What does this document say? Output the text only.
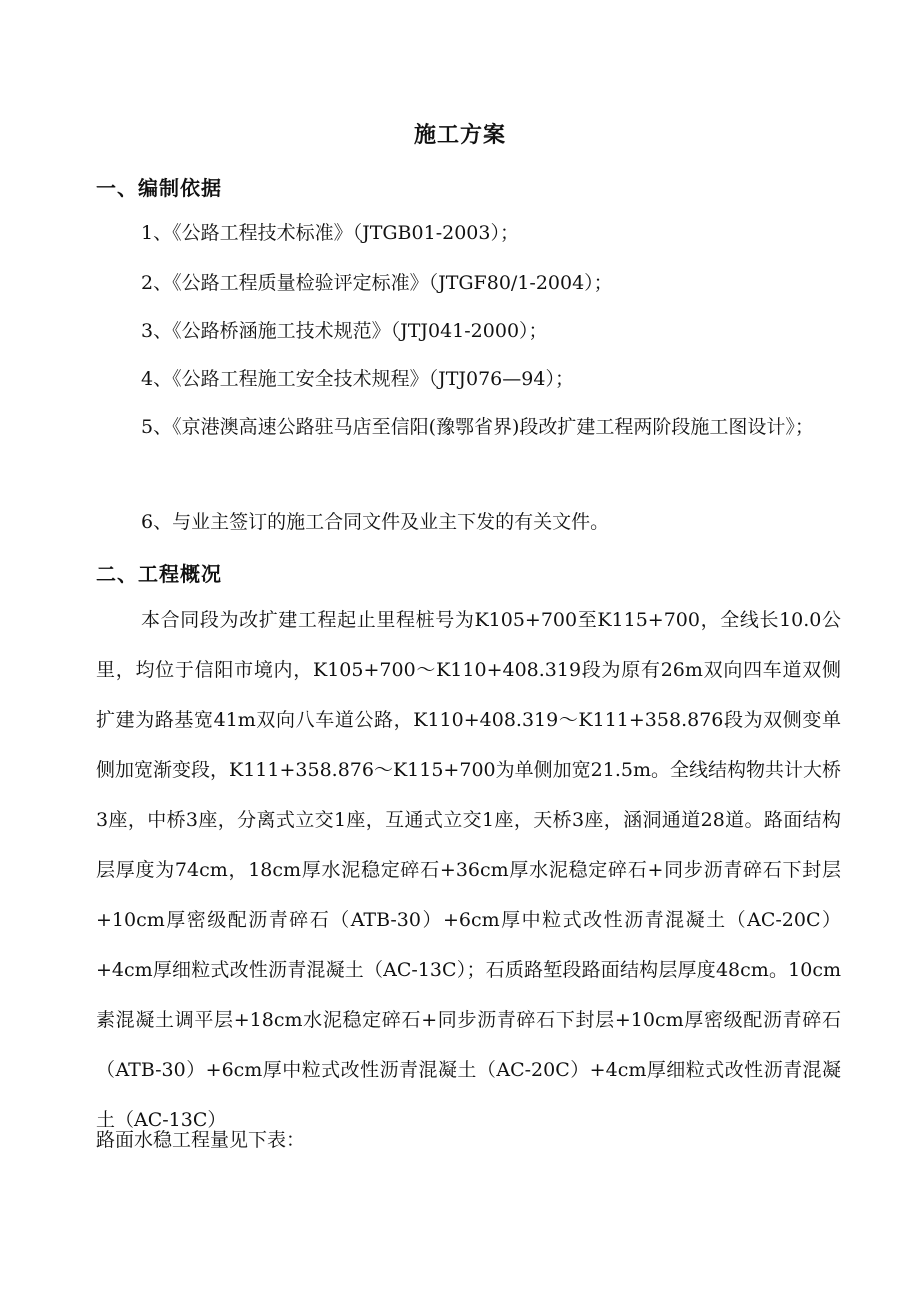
施工方案
一、编制依据
1、《公路工程技术标准》（JTGB01-2003）；
2、《公路工程质量检验评定标准》（JTGF80/1-2004）；
3、《公路桥涵施工技术规范》（JTJ041-2000）；
4、《公路工程施工安全技术规程》（JTJ076—94）；
5、《京港澳高速公路驻马店至信阳(豫鄂省界)段改扩建工程两阶段施工图设计》；
6、与业主签订的施工合同文件及业主下发的有关文件。
二、工程概况
本合同段为改扩建工程起止里程桩号为K105+700至K115+700，全线长10.0公里，均位于信阳市境内，K105+700～K110+408.319段为原有26m双向四车道双侧扩建为路基宽41m双向八车道公路，K110+408.319～K111+358.876段为双侧变单侧加宽渐变段，K111+358.876～K115+700为单侧加宽21.5m。全线结构物共计大桥3座，中桥3座，分离式立交1座，互通式立交1座，天桥3座，涵洞通道28道。路面结构层厚度为74cm，18cm厚水泥稳定碎石+36cm厚水泥稳定碎石+同步沥青碎石下封层+10cm厚密级配沥青碎石（ATB-30）+6cm厚中粒式改性沥青混凝土（AC-20C）+4cm厚细粒式改性沥青混凝土（AC-13C）；石质路堑段路面结构层厚度48cm。10cm素混凝土调平层+18cm水泥稳定碎石+同步沥青碎石下封层+10cm厚密级配沥青碎石（ATB-30）+6cm厚中粒式改性沥青混凝土（AC-20C）+4cm厚细粒式改性沥青混凝土（AC-13C）
路面水稳工程量见下表：
